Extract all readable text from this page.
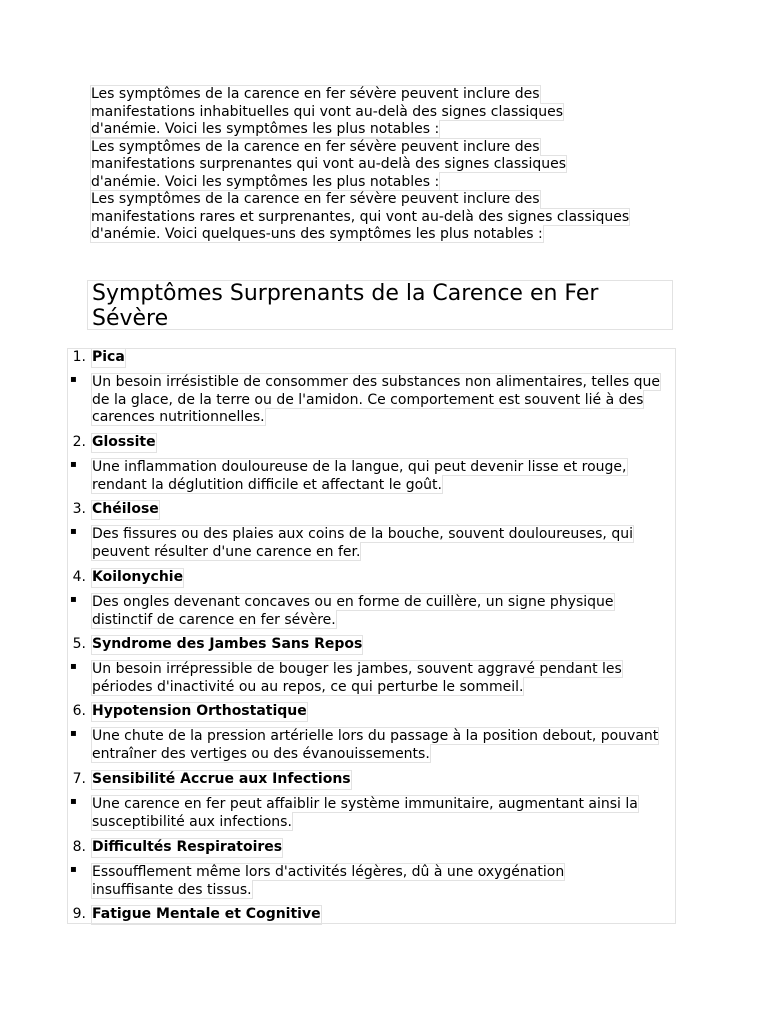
Les symptômes de la carence en fer sévère peuvent inclure des manifestations inhabituelles qui vont au-delà des signes classiques d'anémie. Voici les symptômes les plus notables :

Les symptômes de la carence en fer sévère peuvent inclure des manifestations surprenantes qui vont au-delà des signes classiques d'anémie. Voici les symptômes les plus notables :

Les symptômes de la carence en fer sévère peuvent inclure des manifestations rares et surprenantes, qui vont au-delà des signes classiques d'anémie. Voici quelques-uns des symptômes les plus notables :

Symptômes Surprenants de la Carence en Fer Sévère
1. Pica
▪ Un besoin irrésistible de consommer des substances non alimentaires, telles que de la glace, de la terre ou de l'amidon. Ce comportement est souvent lié à des carences nutritionnelles.
2. Glossite
▪ Une inflammation douloureuse de la langue, qui peut devenir lisse et rouge, rendant la déglutition difficile et affectant le goût.
3. Chéilose
▪ Des fissures ou des plaies aux coins de la bouche, souvent douloureuses, qui peuvent résulter d'une carence en fer.
4. Koilonychie
▪ Des ongles devenant concaves ou en forme de cuillère, un signe physique distinctif de carence en fer sévère.
5. Syndrome des Jambes Sans Repos
▪ Un besoin irrépressible de bouger les jambes, souvent aggravé pendant les périodes d'inactivité ou au repos, ce qui perturbe le sommeil.
6. Hypotension Orthostatique
▪ Une chute de la pression artérielle lors du passage à la position debout, pouvant entraîner des vertiges ou des évanouissements.
7. Sensibilité Accrue aux Infections
▪ Une carence en fer peut affaiblir le système immunitaire, augmentant ainsi la susceptibilité aux infections.
8. Difficultés Respiratoires
▪ Essoufflement même lors d'activités légères, dû à une oxygénation insuffisante des tissus.
9. Fatigue Mentale et Cognitive
